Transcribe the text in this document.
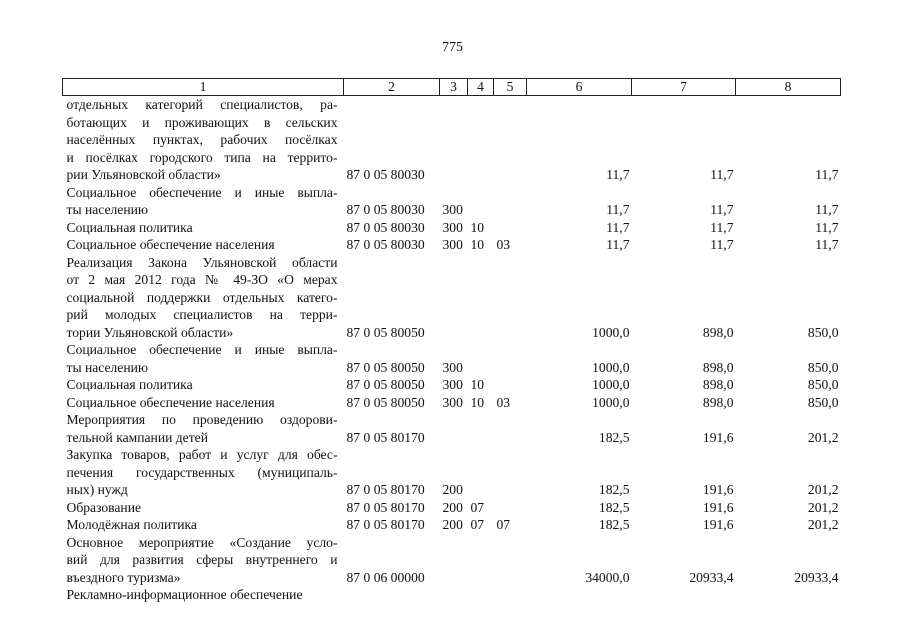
775
1	2	3	4	5	6	7	8

отдельных категорий специалистов, ра-
ботающих и проживающих в сельских
населённых пунктах, рабочих посёлках
и посёлках городского типа на террито-
рии Ульяновской области»	87 0 05 80030				11,7	11,7	11,7

Социальное обеспечение и иные выпла-
ты населению	87 0 05 80030	300			11,7	11,7	11,7

Социальная политика	87 0 05 80030	300	10		11,7	11,7	11,7

Социальное обеспечение населения	87 0 05 80030	300	10	03	11,7	11,7	11,7

Реализация Закона Ульяновской области
от 2 мая 2012 года № 49-ЗО «О мерах
социальной поддержки отдельных катего-
рий молодых специалистов на терри-
тории Ульяновской области»	87 0 05 80050				1000,0	898,0	850,0

Социальное обеспечение и иные выпла-
ты населению	87 0 05 80050	300			1000,0	898,0	850,0

Социальная политика	87 0 05 80050	300	10		1000,0	898,0	850,0

Социальное обеспечение населения	87 0 05 80050	300	10	03	1000,0	898,0	850,0

Мероприятия по проведению оздорови-
тельной кампании детей	87 0 05 80170				182,5	191,6	201,2

Закупка товаров, работ и услуг для обес-
печения государственных (муниципаль-
ных) нужд	87 0 05 80170	200			182,5	191,6	201,2

Образование	87 0 05 80170	200	07		182,5	191,6	201,2

Молодёжная политика	87 0 05 80170	200	07	07	182,5	191,6	201,2

Основное мероприятие «Создание усло-
вий для развития сферы внутреннего и
въездного туризма»	87 0 06 00000				34000,0	20933,4	20933,4

Рекламно-информационное обеспечение							
